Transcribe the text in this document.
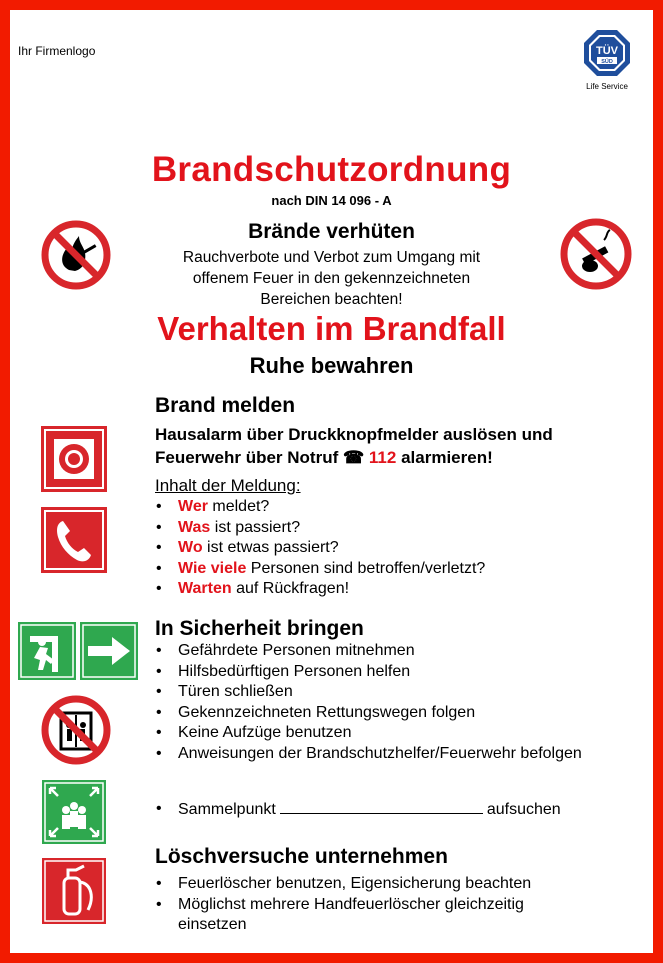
Ihr Firmenlogo	TÜV
SÜD
Life Service
Brandschutzordnung
nach DIN 14 096 - A
Brände verhüten
Rauchverbote und Verbot zum Umgang mit offenem Feuer in den gekennzeichneten Bereichen beachten!
Verhalten im Brandfall
Ruhe bewahren
Brand melden
Hausalarm über Druckknopfmelder auslösen und
Feuerwehr über Notruf ☎ 112 alarmieren!
Inhalt der Meldung:
• Wer meldet?
• Was ist passiert?
• Wo ist etwas passiert?
• Wie viele Personen sind betroffen/verletzt?
• Warten auf Rückfragen!
In Sicherheit bringen
• Gefährdete Personen mitnehmen
• Hilfsbedürftigen Personen helfen
• Türen schließen
• Gekennzeichneten Rettungswegen folgen
• Keine Aufzüge benutzen
• Anweisungen der Brandschutzhelfer/Feuerwehr befolgen
• Sammelpunkt	aufsuchen
Löschversuche unternehmen
• Feuerlöscher benutzen, Eigensicherung beachten
• Möglichst mehrere Handfeuerlöscher gleichzeitig einsetzen
